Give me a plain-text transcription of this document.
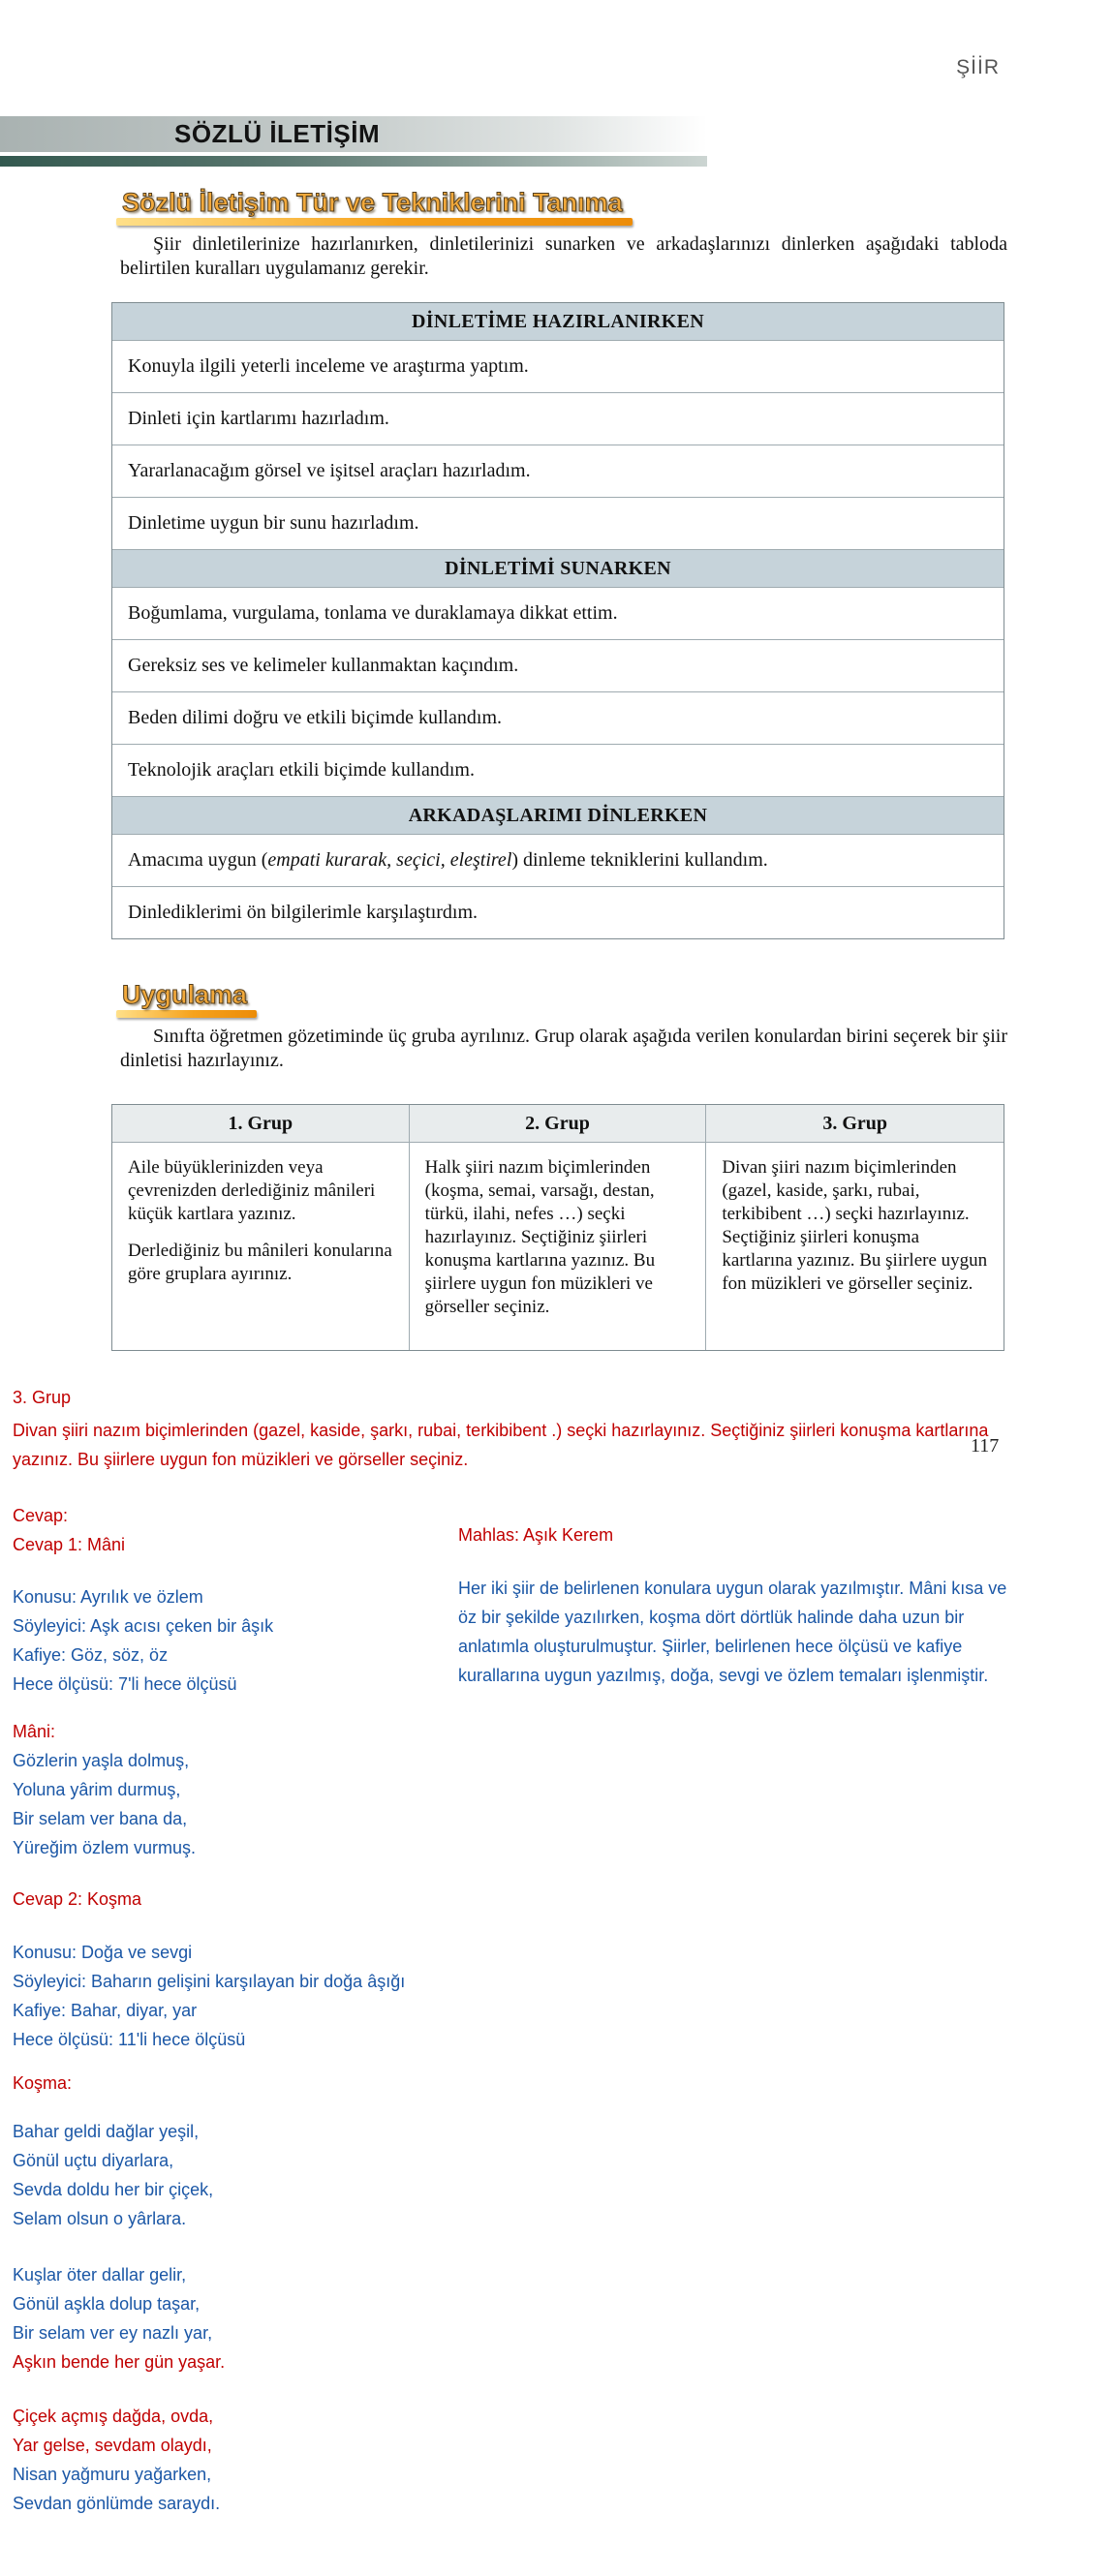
ŞİİR
SÖZLÜ İLETİŞİM
Sözlü İletişim Tür ve Tekniklerini Tanıma

Şiir dinletilerinize hazırlanırken, dinletilerinizi sunarken ve arkadaşlarınızı dinlerken aşağıdaki tabloda belirtilen kuralları uygulamanız gerekir.

DİNLETİME HAZIRLANIRKEN
Konuyla ilgili yeterli inceleme ve araştırma yaptım.
Dinleti için kartlarımı hazırladım.
Yararlanacağım görsel ve işitsel araçları hazırladım.
Dinletime uygun bir sunu hazırladım.
DİNLETİMİ SUNARKEN
Boğumlama, vurgulama, tonlama ve duraklamaya dikkat ettim.
Gereksiz ses ve kelimeler kullanmaktan kaçındım.
Beden dilimi doğru ve etkili biçimde kullandım.
Teknolojik araçları etkili biçimde kullandım.
ARKADAŞLARIMI DİNLERKEN
Amacıma uygun ( empati kurarak, seçici, eleştirel ) dinleme tekniklerini kullandım.
Dinlediklerimi ön bilgilerimle karşılaştırdım.
Uygulama

Sınıfta öğretmen gözetiminde üç gruba ayrılınız. Grup olarak aşağıda verilen konulardan birini seçerek bir şiir dinletisi hazırlayınız.

1. Grup	2. Grup	3. Grup

Aile büyüklerinizden veya çevrenizden derlediğiniz mânileri küçük kartlara yazınız.

Derlediğiniz bu mânileri konularına göre gruplara ayırınız.

Halk şiiri nazım biçimlerinden (koşma, semai, varsağı, destan, türkü, ilahi, nefes …) seçki hazırlayınız. Seçtiğiniz şiirleri konuşma kartlarına yazınız. Bu şiirlere uygun fon müzikleri ve görseller seçiniz.

Divan şiiri nazım biçimlerinden (gazel, kaside, şarkı, rubai, terkibibent …) seçki hazırlayınız. Seçtiğiniz şiirleri konuşma kartlarına yazınız. Bu şiirlere uygun fon müzikleri ve görseller seçiniz.

117
3. Grup
Divan şiiri nazım biçimlerinden (gazel, kaside, şarkı, rubai, terkibibent .) seçki hazırlayınız. Seçtiğiniz şiirleri konuşma kartlarına yazınız. Bu şiirlere uygun fon müzikleri ve görseller seçiniz.
Cevap:
Cevap 1: Mâni
Konusu: Ayrılık ve özlem
Söyleyici: Aşk acısı çeken bir âşık
Kafiye: Göz, söz, öz
Hece ölçüsü: 7'li hece ölçüsü
Mâni:
Gözlerin yaşla dolmuş,
Yoluna yârim durmuş,
Bir selam ver bana da,
Yüreğim özlem vurmuş.
Cevap 2: Koşma
Konusu: Doğa ve sevgi
Söyleyici: Baharın gelişini karşılayan bir doğa âşığı
Kafiye: Bahar, diyar, yar
Hece ölçüsü: 11'li hece ölçüsü
Koşma:
Bahar geldi dağlar yeşil,
Gönül uçtu diyarlara,
Sevda doldu her bir çiçek,
Selam olsun o yârlara.
Kuşlar öter dallar gelir,
Gönül aşkla dolup taşar,
Bir selam ver ey nazlı yar,
Aşkın bende her gün yaşar.
Çiçek açmış dağda, ovda,
Yar gelse, sevdam olaydı,
Nisan yağmuru yağarken,
Sevdan gönlümde saraydı.
Mahlas: Aşık Kerem
Her iki şiir de belirlenen konulara uygun olarak yazılmıştır. Mâni kısa ve öz bir şekilde yazılırken, koşma dört dörtlük halinde daha uzun bir anlatımla oluşturulmuştur. Şiirler, belirlenen hece ölçüsü ve kafiye kurallarına uygun yazılmış, doğa, sevgi ve özlem temaları işlenmiştir.
